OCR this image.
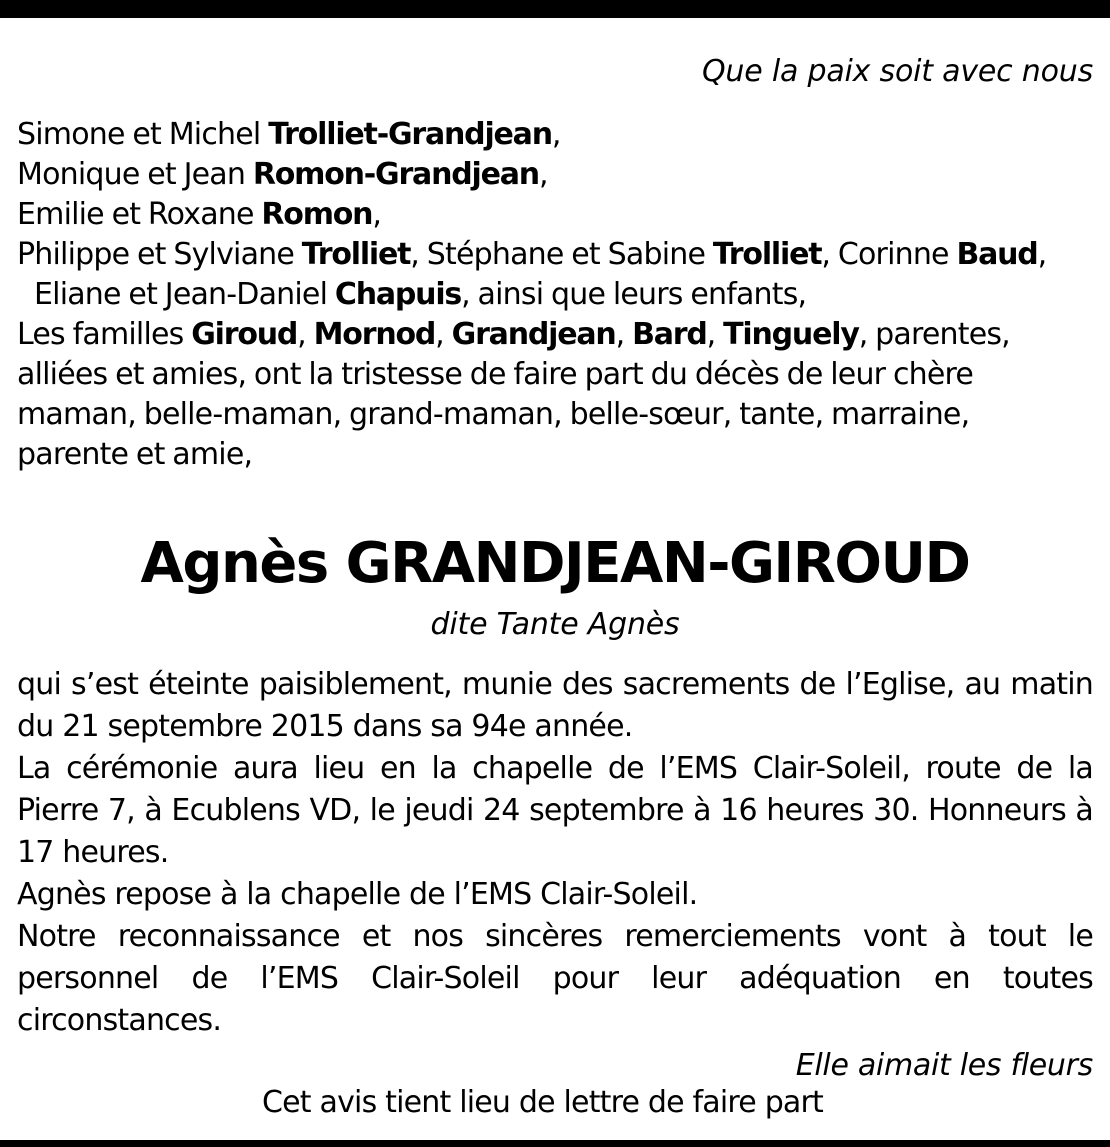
Que la paix soit avec nous
Simone et Michel Trolliet-Grandjean,
Monique et Jean Romon-Grandjean,
Emilie et Roxane Romon,
Philippe et Sylviane Trolliet, Stéphane et Sabine Trolliet, Corinne Baud,
Eliane et Jean-Daniel Chapuis, ainsi que leurs enfants,
Les familles Giroud, Mornod, Grandjean, Bard, Tinguely, parentes,
alliées et amies, ont la tristesse de faire part du décès de leur chère
maman, belle-maman, grand-maman, belle-sœur, tante, marraine,
parente et amie,
Agnès GRANDJEAN-GIROUD
dite Tante Agnès

qui s’est éteinte paisiblement, munie des sacrements de l’Eglise, au matin du 21 septembre 2015 dans sa 94e année.

La cérémonie aura lieu en la chapelle de l’EMS Clair-Soleil, route de la Pierre 7, à Ecublens VD, le jeudi 24 septembre à 16 heures 30. Honneurs à 17 heures.

Agnès repose à la chapelle de l’EMS Clair-Soleil.

Notre reconnaissance et nos sincères remerciements vont à tout le personnel de l’EMS Clair-Soleil pour leur adéquation en toutes circonstances.

Elle aimait les fleurs
Cet avis tient lieu de lettre de faire part
